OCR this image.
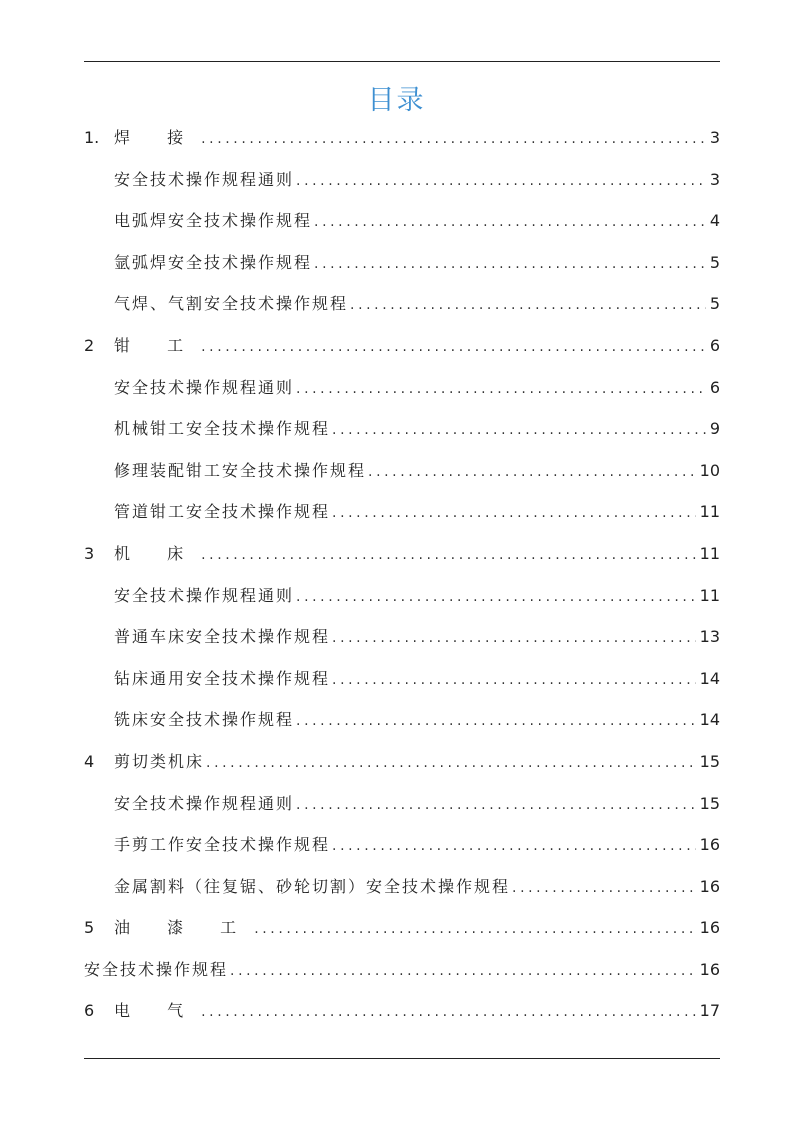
目录
1. 焊 接 .....	3
安全技术操作规程通则 .....	3
电弧焊安全技术操作规程 .....	4
氩弧焊安全技术操作规程 .....	5
气焊、气割安全技术操作规程 .....	5
2	钳 工 .....	6
安全技术操作规程通则 .....	6
机械钳工安全技术操作规程 .....	9
修理装配钳工安全技术操作规程 .....	10
管道钳工安全技术操作规程 .....	11
3	机 床 .....	11
安全技术操作规程通则 .....	11
普通车床安全技术操作规程 .....	13
钻床通用安全技术操作规程 .....	14
铣床安全技术操作规程 .....	14
4	剪切类机床 .....	15
安全技术操作规程通则 .....	15
手剪工作安全技术操作规程 .....	16
金属割料（往复锯、砂轮切割）安全技术操作规程 .....	16
5	油 漆 工 .....	16
安全技术操作规程 .....	16
6	电 气 .....	17
